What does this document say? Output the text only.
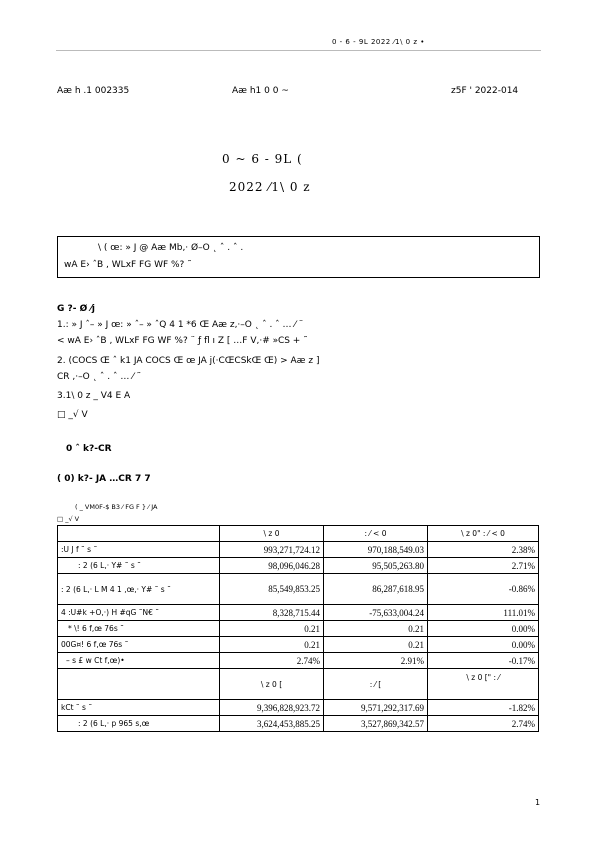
0 - 6 - 9L 2022 ⁄1\ 0 z •
Aæ h .1 002335	Aæ h1 0 0 ~	z5F ' 2022-014
0 ~ 6 - 9L (
2022 ⁄1\ 0 z
\ ( œ: » J @ Aæ Mb,· Ø–O ˛ ˆ . ˆ .
wA E› ˆB , WLxF FG WF %? ˜
G ?- Ø ⁄j
1.: » J ˆ– » J œ: » ˆ– » ˆQ 4 1 *6 Œ Aæ z,·–O ˛ ˆ . ˆ … ⁄ ¨
< wA E› ˆB , WLxF FG WF %? ¨ ƒ fl ı Z [ …F V,·# »CS + ˜
2. (COCS Œ ˆ k1 JA COCS Œ œ JA j(·CŒCSkŒ Œ) > Aæ z ]
CR ,·–O ˛ ˆ . ˆ … ⁄ ˜
3.1\ 0 z _ V4 E A
□ _√ V
0 ˆ k?-CR
( 0) k?- JA …CR 7 7
( _ VM0F-$ B3 ⁄ FG F } ⁄ JA
□ _√ V
	\ z 0	: ⁄ < 0	\ z 0" : ⁄ < 0
:U J f ˜ s ˜	993,271,724.12	970,188,549.03	2.38%
: 2 (6 L,· Y# ˜ s ˜	98,096,046.28	95,505,263.80	2.71%
: 2 (6 L,· L M 4 1 ,œ,· Y# ˜ s ˜	85,549,853.25	86,287,618.95	-0.86%
4 :U#k +O,·) H #qG ˜N€ ˜	8,328,715.44	-75,633,004.24	111.01%
* \! 6 f,œ 76s ˜	0.21	0.21	0.00%
00G¤! 6 f,œ 76s ˜	0.21	0.21	0.00%
– s £ w Ct f,œ)•	2.74%	2.91%	-0.17%
	\ z 0 [	: ⁄ [	\ z 0 [" : ⁄
kCt ˜ s ˜	9,396,828,923.72	9,571,292,317.69	-1.82%
: 2 (6 L,· p 965 s,œ	3,624,453,885.25	3,527,869,342.57	2.74%
1
